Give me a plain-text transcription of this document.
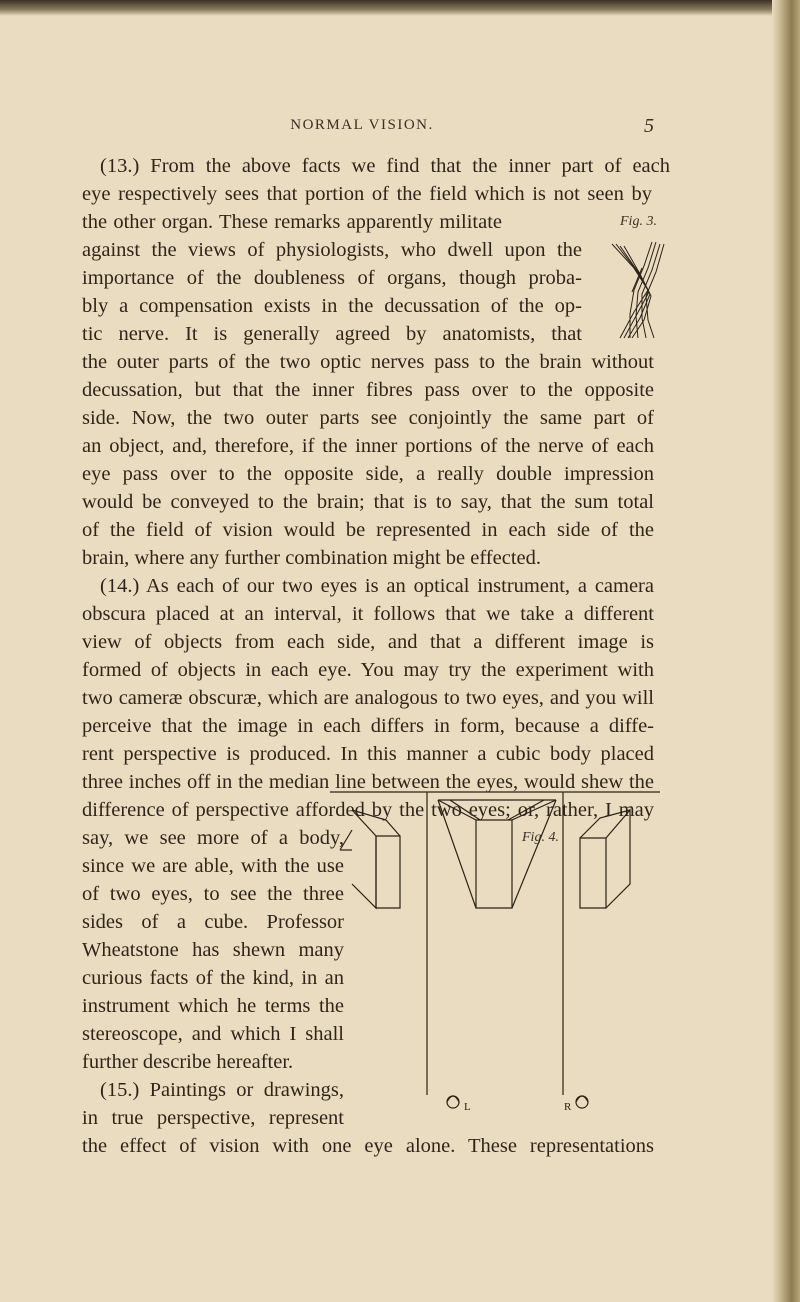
NORMAL VISION.	5
(13.) From the above facts we find that the inner part of each
eye respectively sees that portion of the field which is not seen by
the other organ. These remarks apparently militate
against the views of physiologists, who dwell upon the
importance of the doubleness of organs, though proba-
bly a compensation exists in the decussation of the op-
tic nerve. It is generally agreed by anatomists, that
the outer parts of the two optic nerves pass to the brain without
decussation, but that the inner fibres pass over to the opposite
side. Now, the two outer parts see conjointly the same part of
an object, and, therefore, if the inner portions of the nerve of each
eye pass over to the opposite side, a really double impression
would be conveyed to the brain; that is to say, that the sum total
of the field of vision would be represented in each side of the
brain, where any further combination might be effected.
(14.) As each of our two eyes is an optical instrument, a camera
obscura placed at an interval, it follows that we take a different
view of objects from each side, and that a different image is
formed of objects in each eye. You may try the experiment with
two cameræ obscuræ, which are analogous to two eyes, and you will
perceive that the image in each differs in form, because a diffe-
rent perspective is produced. In this manner a cubic body placed
three inches off in the median line between the eyes, would shew the
difference of perspective afforded by the two eyes; or, rather, I may
say, we see more of a body,
since we are able, with the use
of two eyes, to see the three
sides of a cube. Professor
Wheatstone has shewn many
curious facts of the kind, in an
instrument which he terms the
stereoscope, and which I shall
further describe hereafter.
(15.) Paintings or drawings,
in true perspective, represent
the effect of vision with one eye alone. These representations
Fig. 3.
Fig. 4.
L	R
